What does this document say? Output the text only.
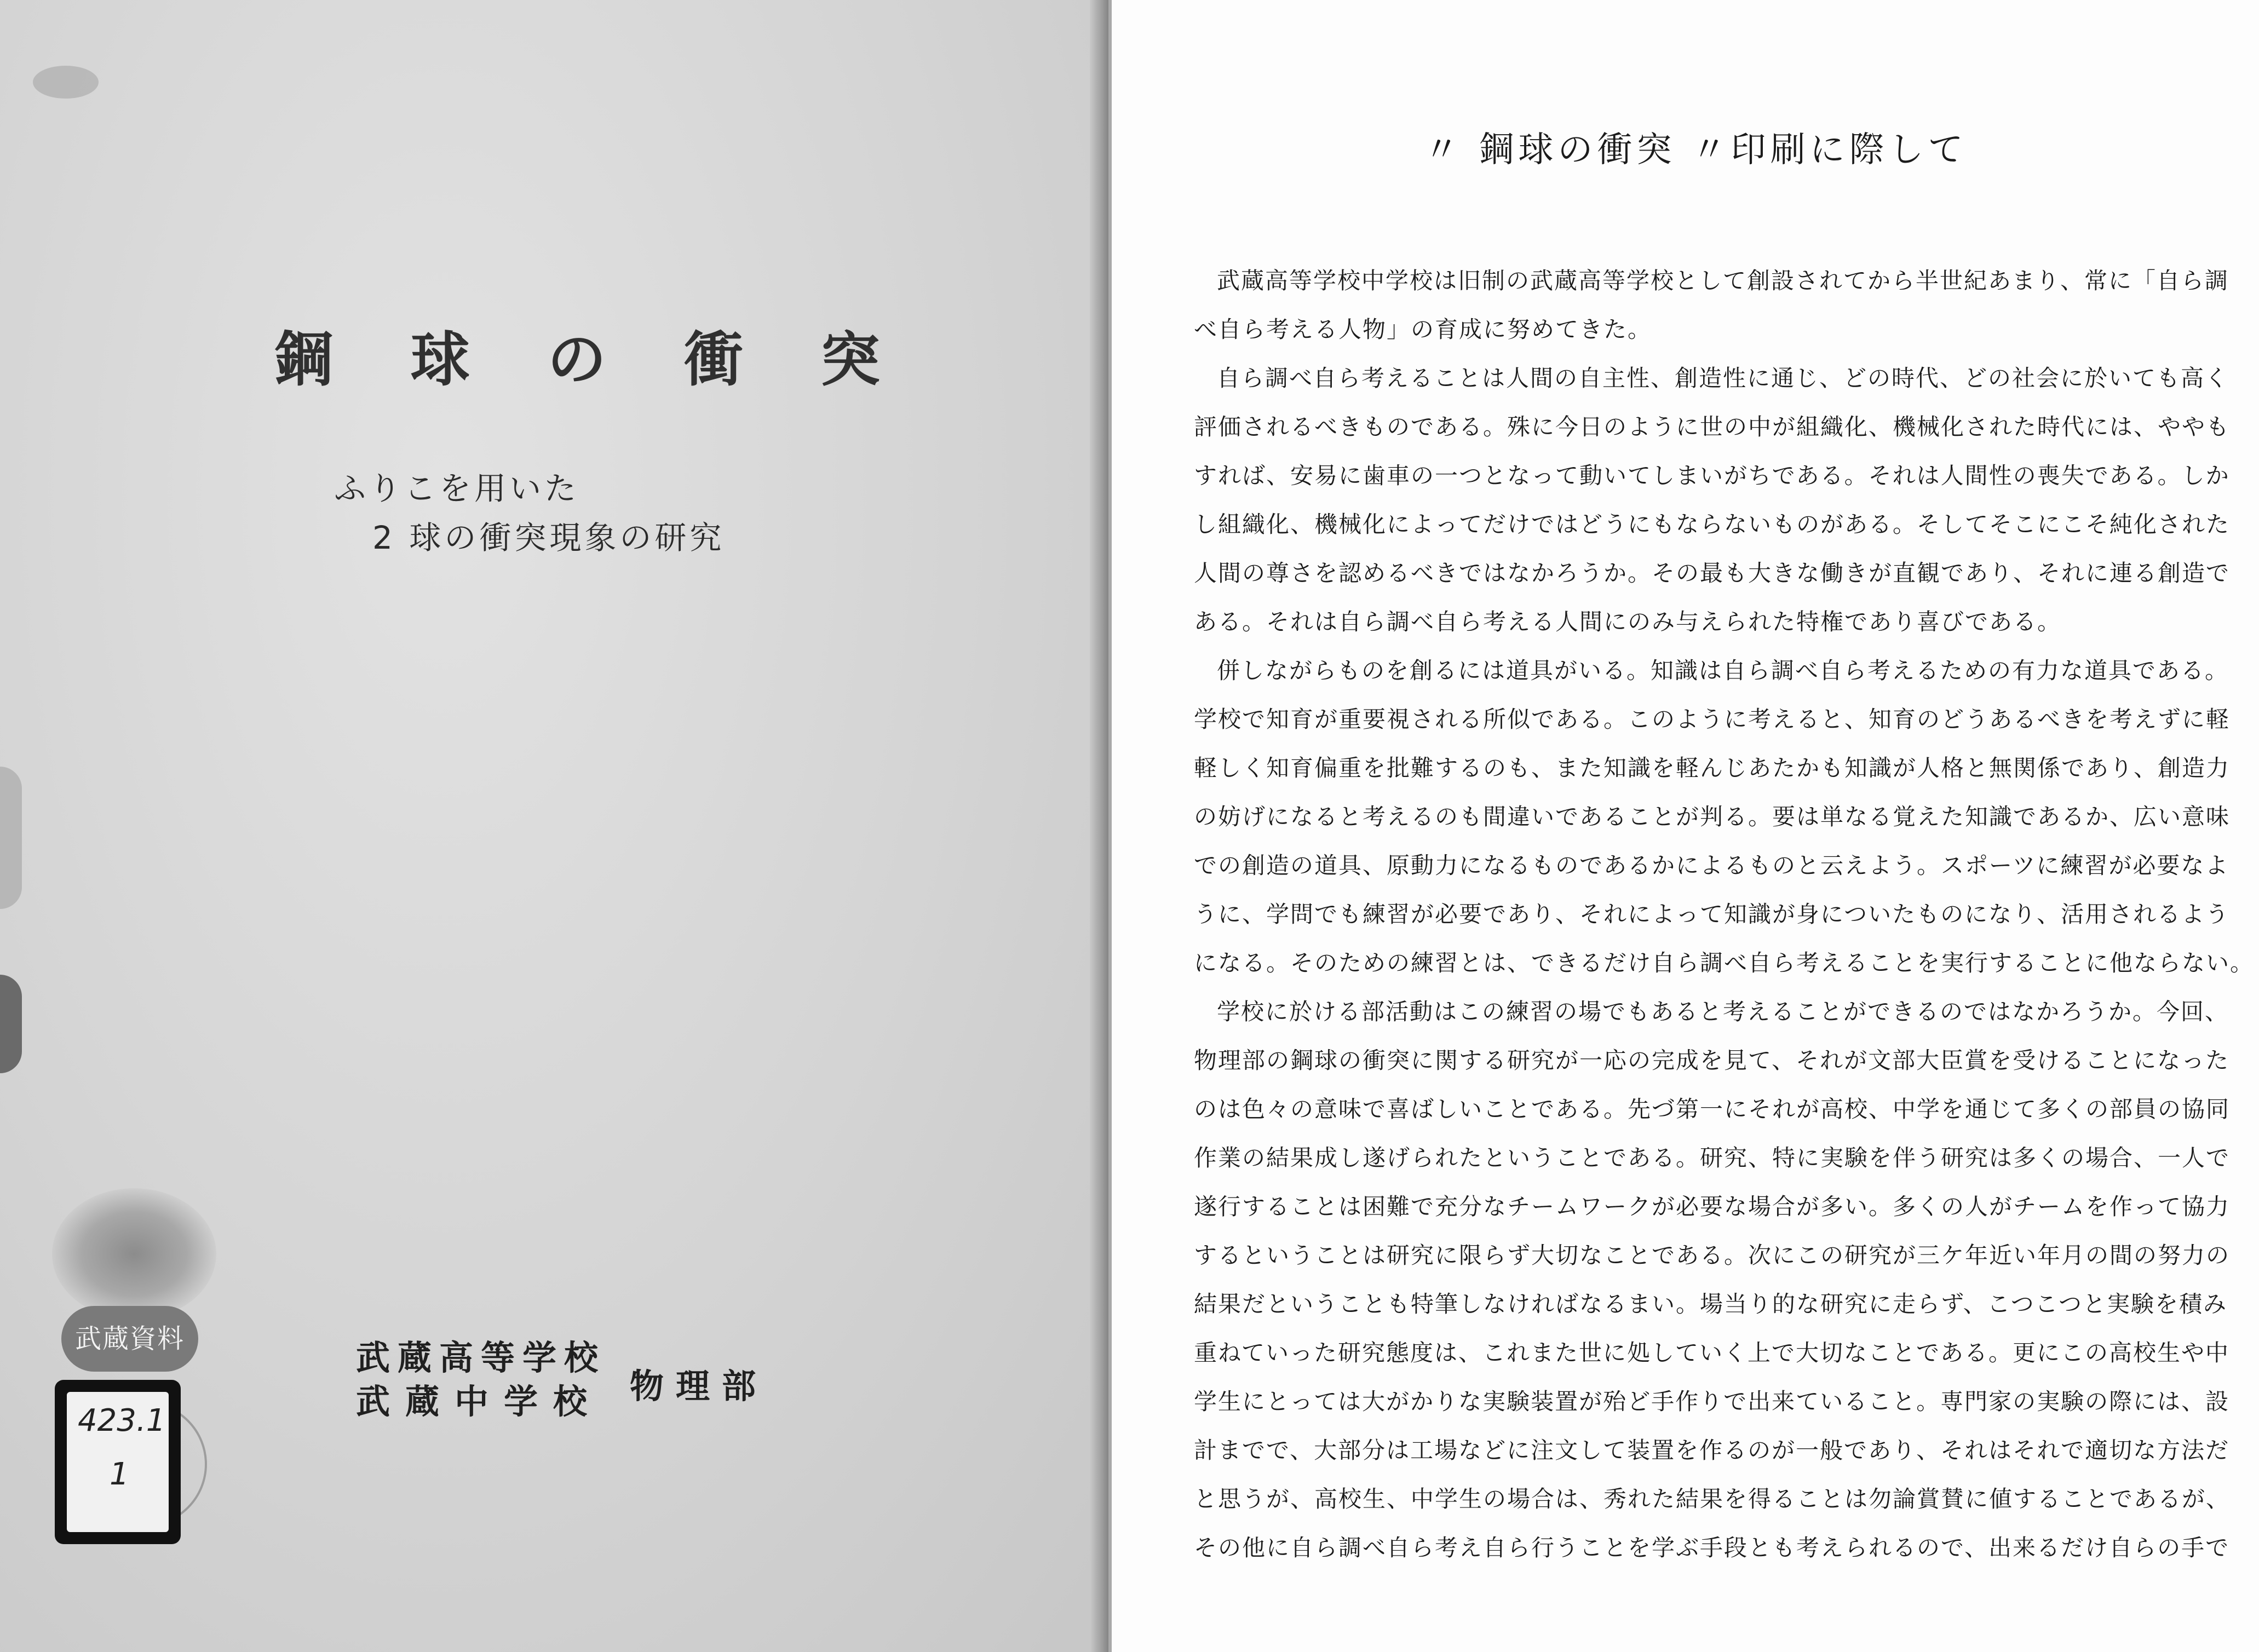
鋼 球 の 衝 突
ふりこを用いた
2 球の衝突現象の研究
武蔵高等学校
武蔵中学校 物理部
武蔵資料
423.1
1
〃 鋼球の衝突 〃印刷に際して
武蔵高等学校中学校は旧制の武蔵高等学校として創設されてから半世紀あまり、常に「自ら調
べ自ら考える人物」の育成に努めてきた。
自ら調べ自ら考えることは人間の自主性、創造性に通じ、どの時代、どの社会に於いても高く
評価されるべきものである。殊に今日のように世の中が組織化、機械化された時代には、ややも
すれば、安易に歯車の一つとなって動いてしまいがちである。それは人間性の喪失である。しか
し組織化、機械化によってだけではどうにもならないものがある。そしてそこにこそ純化された
人間の尊さを認めるべきではなかろうか。その最も大きな働きが直観であり、それに連る創造で
ある。それは自ら調べ自ら考える人間にのみ与えられた特権であり喜びである。
併しながらものを創るには道具がいる。知識は自ら調べ自ら考えるための有力な道具である。
学校で知育が重要視される所似である。このように考えると、知育のどうあるべきを考えずに軽
軽しく知育偏重を批難するのも、また知識を軽んじあたかも知識が人格と無関係であり、創造力
の妨げになると考えるのも間違いであることが判る。要は単なる覚えた知識であるか、広い意味
での創造の道具、原動力になるものであるかによるものと云えよう。スポーツに練習が必要なよ
うに、学問でも練習が必要であり、それによって知識が身についたものになり、活用されるよう
になる。そのための練習とは、できるだけ自ら調べ自ら考えることを実行することに他ならない。
学校に於ける部活動はこの練習の場でもあると考えることができるのではなかろうか。今回、
物理部の鋼球の衝突に関する研究が一応の完成を見て、それが文部大臣賞を受けることになった
のは色々の意味で喜ばしいことである。先づ第一にそれが高校、中学を通じて多くの部員の協同
作業の結果成し遂げられたということである。研究、特に実験を伴う研究は多くの場合、一人で
遂行することは困難で充分なチームワークが必要な場合が多い。多くの人がチームを作って協力
するということは研究に限らず大切なことである。次にこの研究が三ケ年近い年月の間の努力の
結果だということも特筆しなければなるまい。場当り的な研究に走らず、こつこつと実験を積み
重ねていった研究態度は、これまた世に処していく上で大切なことである。更にこの高校生や中
学生にとっては大がかりな実験装置が殆ど手作りで出来ていること。専門家の実験の際には、設
計までで、大部分は工場などに注文して装置を作るのが一般であり、それはそれで適切な方法だ
と思うが、高校生、中学生の場合は、秀れた結果を得ることは勿論賞賛に値することであるが、
その他に自ら調べ自ら考え自ら行うことを学ぶ手段とも考えられるので、出来るだけ自らの手で
